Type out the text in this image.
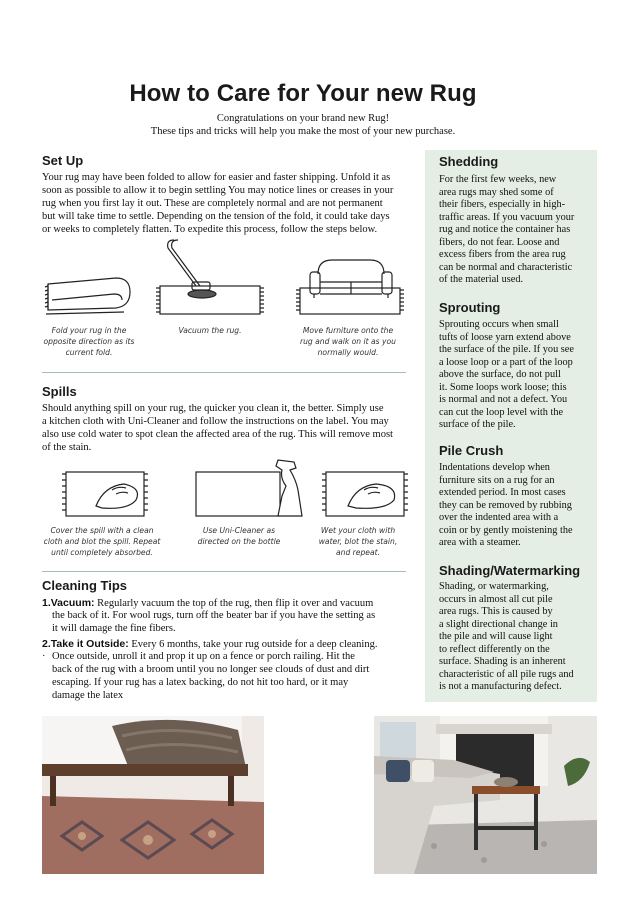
How to Care for Your new Rug
Congratulations on your brand new Rug!
These tips and tricks will help you make the most of your new purchase.
Set Up
Your rug may have been folded to allow for easier and faster shipping. Unfold it as
soon as possible to allow it to begin settling You may notice lines or creases in your
rug when you first lay it out. These are completely normal and are not permanent
but will take time to settle. Depending on the tension of the fold, it could take days
or weeks to completely flatten. To expedite this process, follow the steps below.
Fold your rug in the
opposite direction as its
current fold.
Vacuum the rug.	Move furniture onto the
rug and walk on it as you
normally would.
Spills
Should anything spill on your rug, the quicker you clean it, the better. Simply use
a kitchen cloth with Uni-Cleaner and follow the instructions on the label. You may
also use cold water to spot clean the affected area of the rug. This will remove most
of the stain.
Cover the spill with a clean
cloth and blot the spill. Repeat
until completely absorbed.
Use Uni-Cleaner as
directed on the bottle
Wet your cloth with
water, blot the stain,
and repeat.
Cleaning Tips
1.Vacuum: Regularly vacuum the top of the rug, then flip it over and vacuum
the back of it. For wool rugs, turn off the beater bar if you have the setting as
it will damage the fine fibers.
2.Take it Outside: Every 6 months, take your rug outside for a deep cleaning.
· Once outside, unroll it and prop it up on a fence or porch railing. Hit the
back of the rug with a broom until you no longer see clouds of dust and dirt
escaping. If your rug has a latex backing, do not hit too hard, or it may
damage the latex
Shedding
For the first few weeks, new
area rugs may shed some of
their fibers, especially in high-
traffic areas. If you vacuum your
rug and notice the container has
fibers, do not fear. Loose and
excess fibers from the area rug
can be normal and characteristic
of the material used.
Sprouting
Sprouting occurs when small
tufts of loose yarn extend above
the surface of the pile. If you see
a loose loop or a part of the loop
above the surface, do not pull
it. Some loops work loose; this
is normal and not a defect. You
can cut the loop level with the
surface of the pile.
Pile Crush
Indentations develop when
furniture sits on a rug for an
extended period. In most cases
they can be removed by rubbing
over the indented area with a
coin or by gently moistening the
area with a steamer.
Shading/Watermarking
Shading, or watermarking,
occurs in almost all cut pile
area rugs. This is caused by
a slight directional change in
the pile and will cause light
to reflect differently on the
surface. Shading is an inherent
characteristic of all pile rugs and
is not a manufacturing defect.
